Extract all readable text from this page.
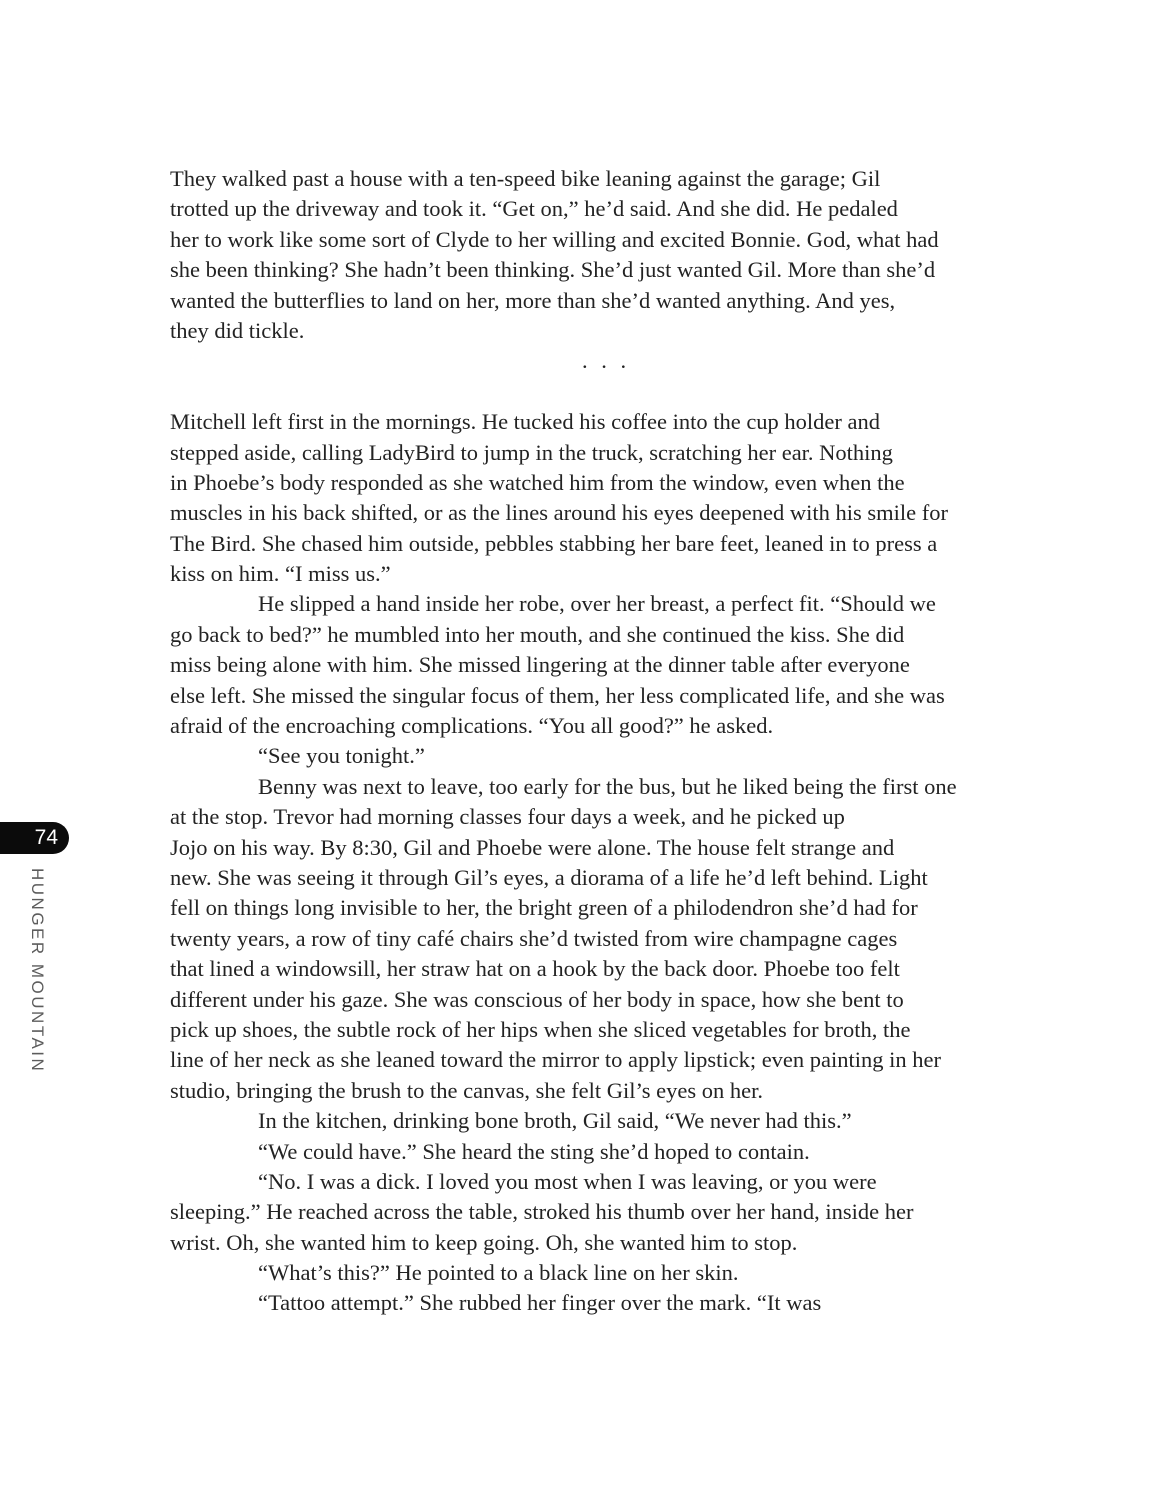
74
HUNGER MOUNTAIN

They walked past a house with a ten-speed bike leaning against the garage; Gil
trotted up the driveway and took it. “Get on,” he’d said. And she did. He pedaled
her to work like some sort of Clyde to her willing and excited Bonnie. God, what had
she been thinking? She hadn’t been thinking. She’d just wanted Gil. More than she’d
wanted the butterflies to land on her, more than she’d wanted anything. And yes,
they did tickle.

. . .

Mitchell left first in the mornings. He tucked his coffee into the cup holder and
stepped aside, calling LadyBird to jump in the truck, scratching her ear. Nothing
in Phoebe’s body responded as she watched him from the window, even when the
muscles in his back shifted, or as the lines around his eyes deepened with his smile for
The Bird. She chased him outside, pebbles stabbing her bare feet, leaned in to press a
kiss on him. “I miss us.”

He slipped a hand inside her robe, over her breast, a perfect fit. “Should we
go back to bed?” he mumbled into her mouth, and she continued the kiss. She did
miss being alone with him. She missed lingering at the dinner table after everyone
else left. She missed the singular focus of them, her less complicated life, and she was
afraid of the encroaching complications. “You all good?” he asked.

“See you tonight.”

Benny was next to leave, too early for the bus, but he liked being the first one
at the stop. Trevor had morning classes four days a week, and he picked up
Jojo on his way. By 8:30, Gil and Phoebe were alone. The house felt strange and
new. She was seeing it through Gil’s eyes, a diorama of a life he’d left behind. Light
fell on things long invisible to her, the bright green of a philodendron she’d had for
twenty years, a row of tiny café chairs she’d twisted from wire champagne cages
that lined a windowsill, her straw hat on a hook by the back door. Phoebe too felt
different under his gaze. She was conscious of her body in space, how she bent to
pick up shoes, the subtle rock of her hips when she sliced vegetables for broth, the
line of her neck as she leaned toward the mirror to apply lipstick; even painting in her
studio, bringing the brush to the canvas, she felt Gil’s eyes on her.

In the kitchen, drinking bone broth, Gil said, “We never had this.”

“We could have.” She heard the sting she’d hoped to contain.

“No. I was a dick. I loved you most when I was leaving, or you were
sleeping.” He reached across the table, stroked his thumb over her hand, inside her
wrist. Oh, she wanted him to keep going. Oh, she wanted him to stop.

“What’s this?” He pointed to a black line on her skin.

“Tattoo attempt.” She rubbed her finger over the mark. “It was
